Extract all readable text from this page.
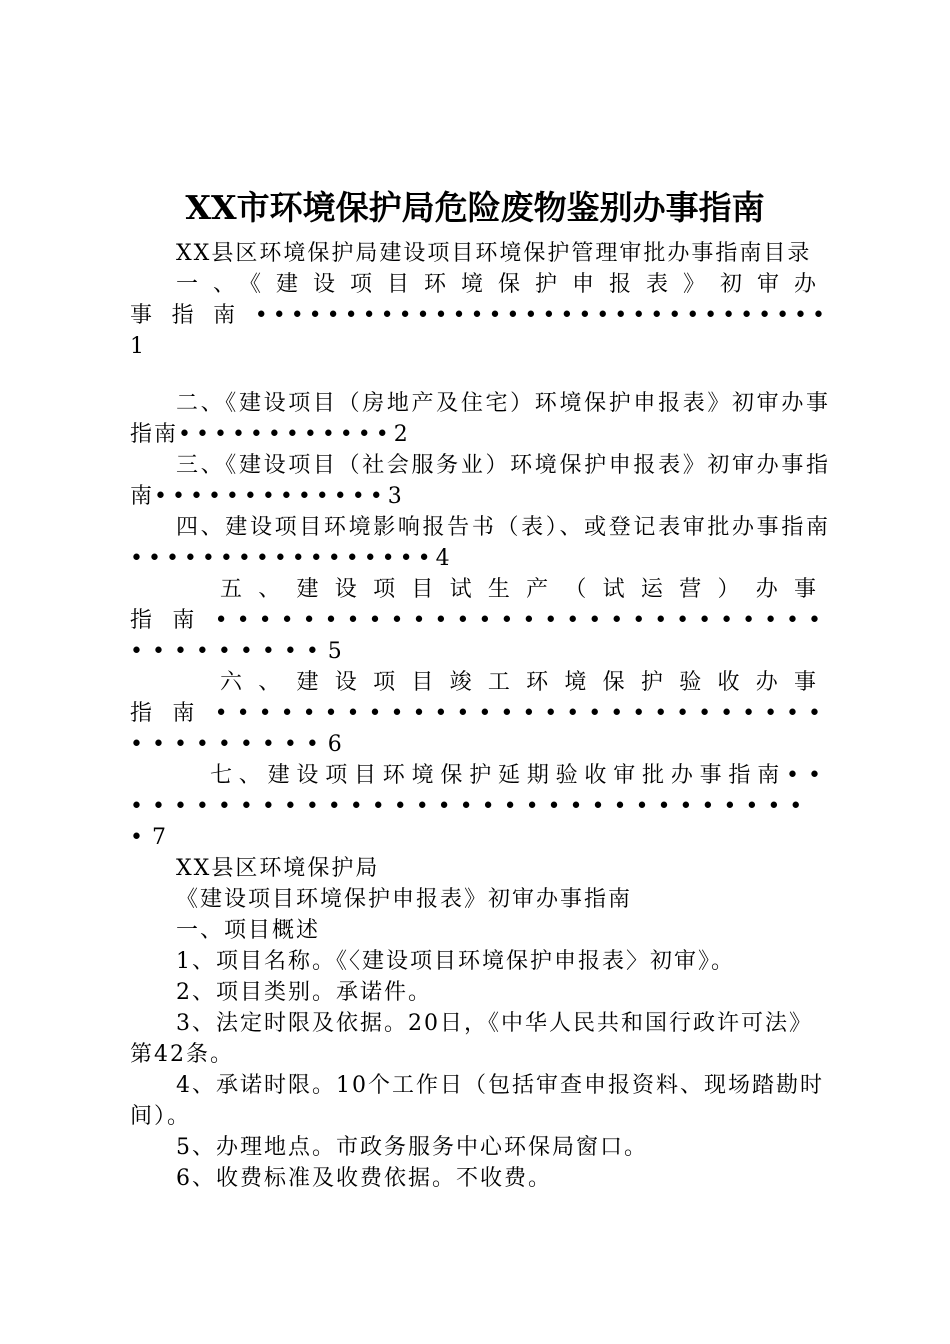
XX市环境保护局危险废物鉴别办事指南

XX县区环境保护局建设项目环境保护管理审批办事指南目录

一、《建设项目环境保护申报表》初审办事指南••••••••••••••••••••••••••••••••1

二、《建设项目（房地产及住宅）环境保护申报表》初审办事指南••••••••••••2

三、《建设项目（社会服务业）环境保护申报表》初审办事指南•••••••••••••3

四、建设项目环境影响报告书（表）、或登记表审批办事指南•••••••••••••••••4

五、建设项目试生产（试运营）办事指南•••••••••••••••••••••••••••••••••••••5

六、建设项目竣工环境保护验收办事指南•••••••••••••••••••••••••••••••••••••6

七、建设项目环境保护延期验收审批办事指南••••••••••••••••••••••••••••••••••7

XX县区环境保护局

《建设项目环境保护申报表》初审办事指南

一、项目概述

1、项目名称。《〈建设项目环境保护申报表〉初审》。

2、项目类别。承诺件。

3、法定时限及依据。20日，《中华人民共和国行政许可法》第42条。

4、承诺时限。10个工作日（包括审查申报资料、现场踏勘时间）。

5、办理地点。市政务服务中心环保局窗口。

6、收费标准及收费依据。不收费。
